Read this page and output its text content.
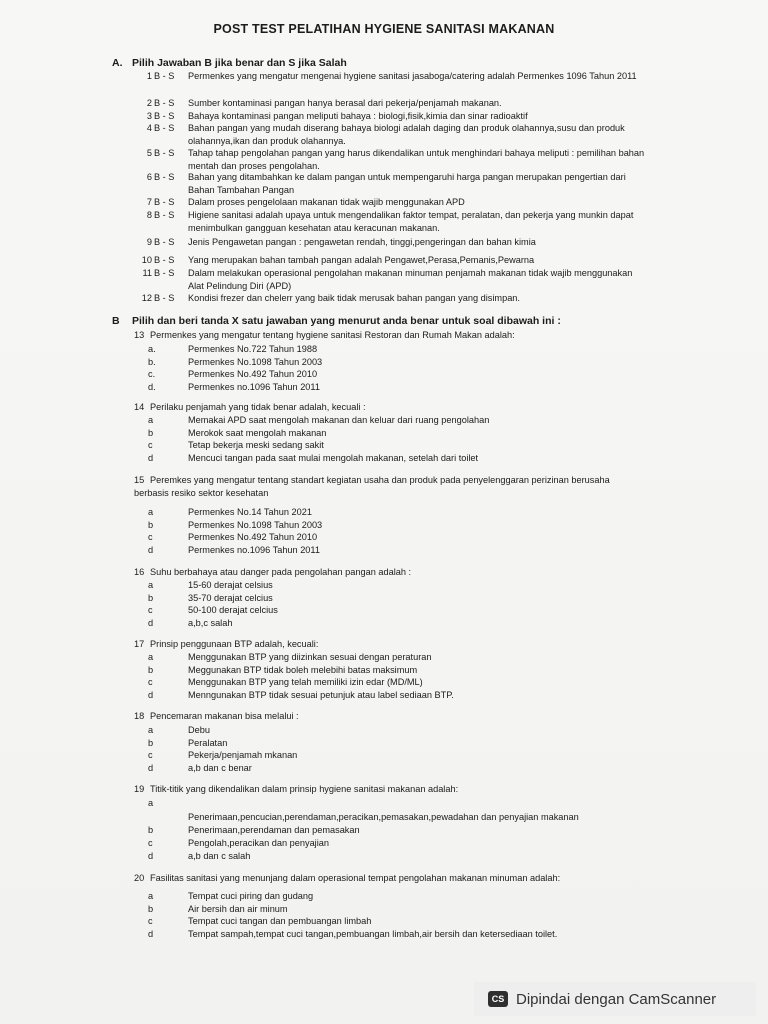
POST TEST PELATIHAN HYGIENE SANITASI MAKANAN
A. Pilih Jawaban B jika benar dan S jika Salah
1 B - S	Permenkes yang mengatur mengenai hygiene sanitasi jasaboga/catering adalah Permenkes 1096 Tahun 2011
2 B - S	Sumber kontaminasi pangan hanya berasal dari pekerja/penjamah makanan.
3 B - S	Bahaya kontaminasi pangan meliputi bahaya : biologi,fisik,kimia dan sinar radioaktif
4 B - S	Bahan pangan yang mudah diserang bahaya biologi adalah daging dan produk olahannya,susu dan produk olahannya,ikan dan produk olahannya.
5 B - S	Tahap tahap pengolahan pangan yang harus dikendalikan untuk menghindari bahaya meliputi : pemilihan bahan mentah dan proses pengolahan.
6 B - S	Bahan yang ditambahkan ke dalam pangan untuk mempengaruhi harga pangan merupakan pengertian dari Bahan Tambahan Pangan
7 B - S	Dalam proses pengelolaan makanan tidak wajib menggunakan APD
8 B - S	Higiene sanitasi adalah upaya untuk mengendalikan faktor tempat, peralatan, dan pekerja yang munkin dapat menimbulkan gangguan kesehatan atau keracunan makanan.
9 B - S	Jenis Pengawetan pangan : pengawetan rendah, tinggi,pengeringan dan bahan kimia
10 B - S	Yang merupakan bahan tambah pangan adalah Pengawet,Perasa,Pemanis,Pewarna
11 B - S	Dalam melakukan operasional pengolahan makanan minuman penjamah makanan tidak wajib menggunakan Alat Pelindung Diri (APD)
12 B - S	Kondisi frezer dan chelerr yang baik tidak merusak bahan pangan yang disimpan.
B Pilih dan beri tanda X satu jawaban yang menurut anda benar untuk soal dibawah ini :
13 Permenkes yang mengatur tentang hygiene sanitasi Restoran dan Rumah Makan adalah:
a.	Permenkes No.722 Tahun 1988
b.	Permenkes No.1098 Tahun 2003
c.	Permenkes No.492 Tahun 2010
d.	Permenkes no.1096 Tahun 2011
14 Perilaku penjamah yang tidak benar adalah, kecuali :
a	Memakai APD saat mengolah makanan dan keluar dari ruang pengolahan
b	Merokok saat mengolah makanan
c	Tetap bekerja meski sedang sakit
d	Mencuci tangan pada saat mulai mengolah makanan, setelah dari toilet
15 Peremkes yang mengatur tentang standart kegiatan usaha dan produk pada penyelenggaran perizinan berusaha berbasis resiko sektor kesehatan
a	Permenkes No.14 Tahun 2021
b	Permenkes No.1098 Tahun 2003
c	Permenkes No.492 Tahun 2010
d	Permenkes no.1096 Tahun 2011
16 Suhu berbahaya atau danger pada pengolahan pangan adalah :
a	15-60 derajat celsius
b	35-70 derajat celcius
c	50-100 derajat celcius
d	a,b,c salah
17 Prinsip penggunaan BTP adalah, kecuali:
a	Menggunakan BTP yang diizinkan sesuai dengan peraturan
b	Meggunakan BTP tidak boleh melebihi batas maksimum
c	Menggunakan BTP yang telah memiliki izin edar (MD/ML)
d	Menngunakan BTP tidak sesuai petunjuk atau label sediaan BTP.
18 Pencemaran makanan bisa melalui :
a	Debu
b	Peralatan
c	Pekerja/penjamah mkanan
d	a,b dan c benar
19 Titik-titik yang dikendalikan dalam prinsip hygiene sanitasi makanan adalah:
a
Penerimaan,pencucian,perendaman,peracikan,pemasakan,pewadahan dan penyajian makanan
b	Penerimaan,perendaman dan pemasakan
c	Pengolah,peracikan dan penyajian
d	a,b dan c salah
20 Fasilitas sanitasi yang menunjang dalam operasional tempat pengolahan makanan minuman adalah:
a	Tempat cuci piring dan gudang
b	Air bersih dan air minum
c	Tempat cuci tangan dan pembuangan limbah
d	Tempat sampah,tempat cuci tangan,pembuangan limbah,air bersih dan ketersediaan toilet.
CS Dipindai dengan CamScanner
